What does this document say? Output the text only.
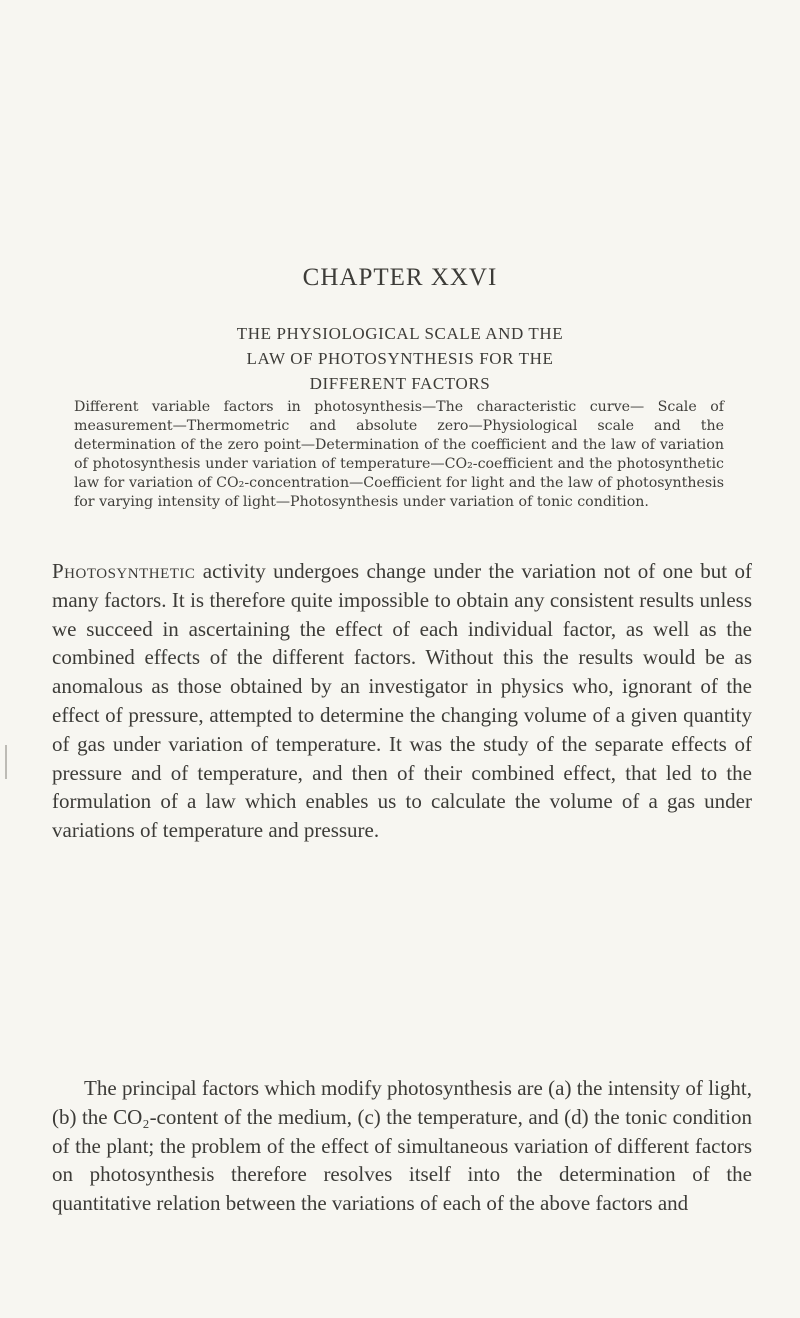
CHAPTER XXVI
THE PHYSIOLOGICAL SCALE AND THE LAW OF PHOTOSYNTHESIS FOR THE DIFFERENT FACTORS
Different variable factors in photosynthesis—The characteristic curve— Scale of measurement—Thermometric and absolute zero—Physiological scale and the determination of the zero point—Determination of the coefficient and the law of variation of photosynthesis under variation of temperature—CO₂-coefficient and the photosynthetic law for variation of CO₂-concentration—Coefficient for light and the law of photosynthesis for varying intensity of light—Photosynthesis under variation of tonic condition.
Photosynthetic activity undergoes change under the variation not of one but of many factors. It is therefore quite impossible to obtain any consistent results unless we succeed in ascertaining the effect of each individual factor, as well as the combined effects of the different factors. Without this the results would be as anomalous as those obtained by an investigator in physics who, ignorant of the effect of pressure, attempted to determine the changing volume of a given quantity of gas under variation of temperature. It was the study of the separate effects of pressure and of temperature, and then of their combined effect, that led to the formulation of a law which enables us to calculate the volume of a gas under variations of temperature and pressure.
The principal factors which modify photosynthesis are (a) the intensity of light, (b) the CO₂-content of the medium, (c) the temperature, and (d) the tonic condition of the plant; the problem of the effect of simultaneous variation of different factors on photosynthesis therefore resolves itself into the determination of the quantitative relation between the variations of each of the above factors and
